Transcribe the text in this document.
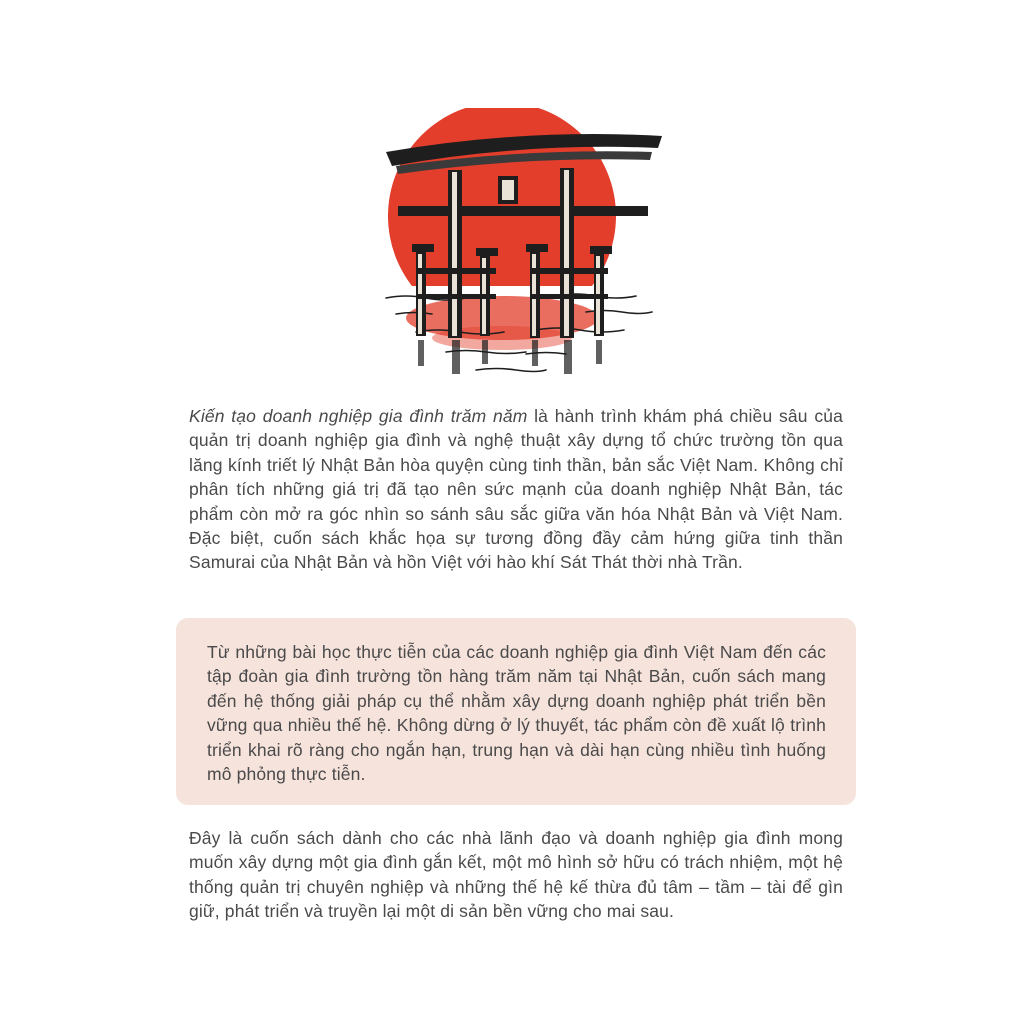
Kiến tạo doanh nghiệp gia đình trăm năm là hành trình khám phá chiều sâu của quản trị doanh nghiệp gia đình và nghệ thuật xây dựng tổ chức trường tồn qua lăng kính triết lý Nhật Bản hòa quyện cùng tinh thần, bản sắc Việt Nam. Không chỉ phân tích những giá trị đã tạo nên sức mạnh của doanh nghiệp Nhật Bản, tác phẩm còn mở ra góc nhìn so sánh sâu sắc giữa văn hóa Nhật Bản và Việt Nam. Đặc biệt, cuốn sách khắc họa sự tương đồng đầy cảm hứng giữa tinh thần Samurai của Nhật Bản và hồn Việt với hào khí Sát Thát thời nhà Trần.

Từ những bài học thực tiễn của các doanh nghiệp gia đình Việt Nam đến các tập đoàn gia đình trường tồn hàng trăm năm tại Nhật Bản, cuốn sách mang đến hệ thống giải pháp cụ thể nhằm xây dựng doanh nghiệp phát triển bền vững qua nhiều thế hệ. Không dừng ở lý thuyết, tác phẩm còn đề xuất lộ trình triển khai rõ ràng cho ngắn hạn, trung hạn và dài hạn cùng nhiều tình huống mô phỏng thực tiễn.

Đây là cuốn sách dành cho các nhà lãnh đạo và doanh nghiệp gia đình mong muốn xây dựng một gia đình gắn kết, một mô hình sở hữu có trách nhiệm, một hệ thống quản trị chuyên nghiệp và những thế hệ kế thừa đủ tâm – tầm – tài để gìn giữ, phát triển và truyền lại một di sản bền vững cho mai sau.
